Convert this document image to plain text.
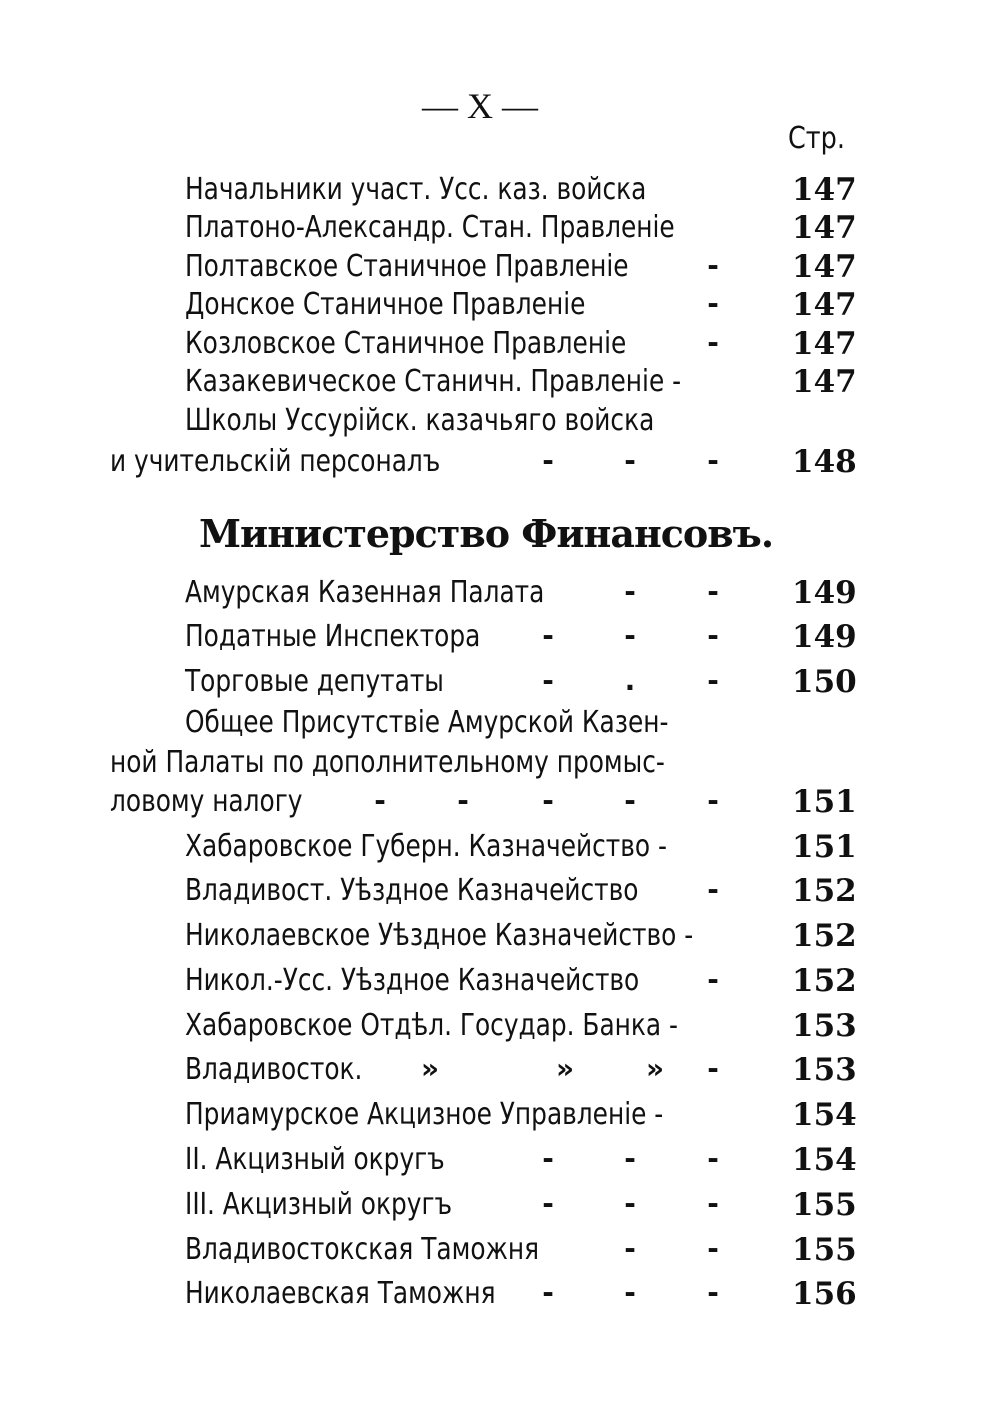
— X —
Стр.
Начальники участ. Усс. каз. войска	147
Платоно-Александр. Стан. Правленіе	147
Полтавское Станичное Правленіе	- 147
Донское Станичное Правленіе	- 147
Козловское Станичное Правленіе	- 147
Казакевическое Станичн. Правленіе -	147
Школы Уссурійск. казачьяго войска
и учительскій персоналъ	-	-	- 148
Министерство Финансовъ.
Амурская Казенная Палата	-	- 149
Податные Инспектора -	-	- 149
Торговые депутаты	-	.	- 150
Общее Присутствіе Амурской Казен-
ной Палаты по дополнительному промыс-
ловому налогу	-	-	-	-	- 151
Хабаровское Губерн. Казначейство -	151
Владивост. Уѣздное Казначейство - 152
Николаевское Уѣздное Казначейство -	152
Никол.-Усс. Уѣздное Казначейство - 152
Хабаровское Отдѣл. Государ. Банка -	153
Владивосток. »	»	» - 153
Приамурское Акцизное Управленіе -	154
II. Акцизный округъ	-	-	- 154
III. Акцизный округъ	-	-	- 155
Владивостокская Таможня	-	- 155
Николаевская Таможня -	-	- 156
